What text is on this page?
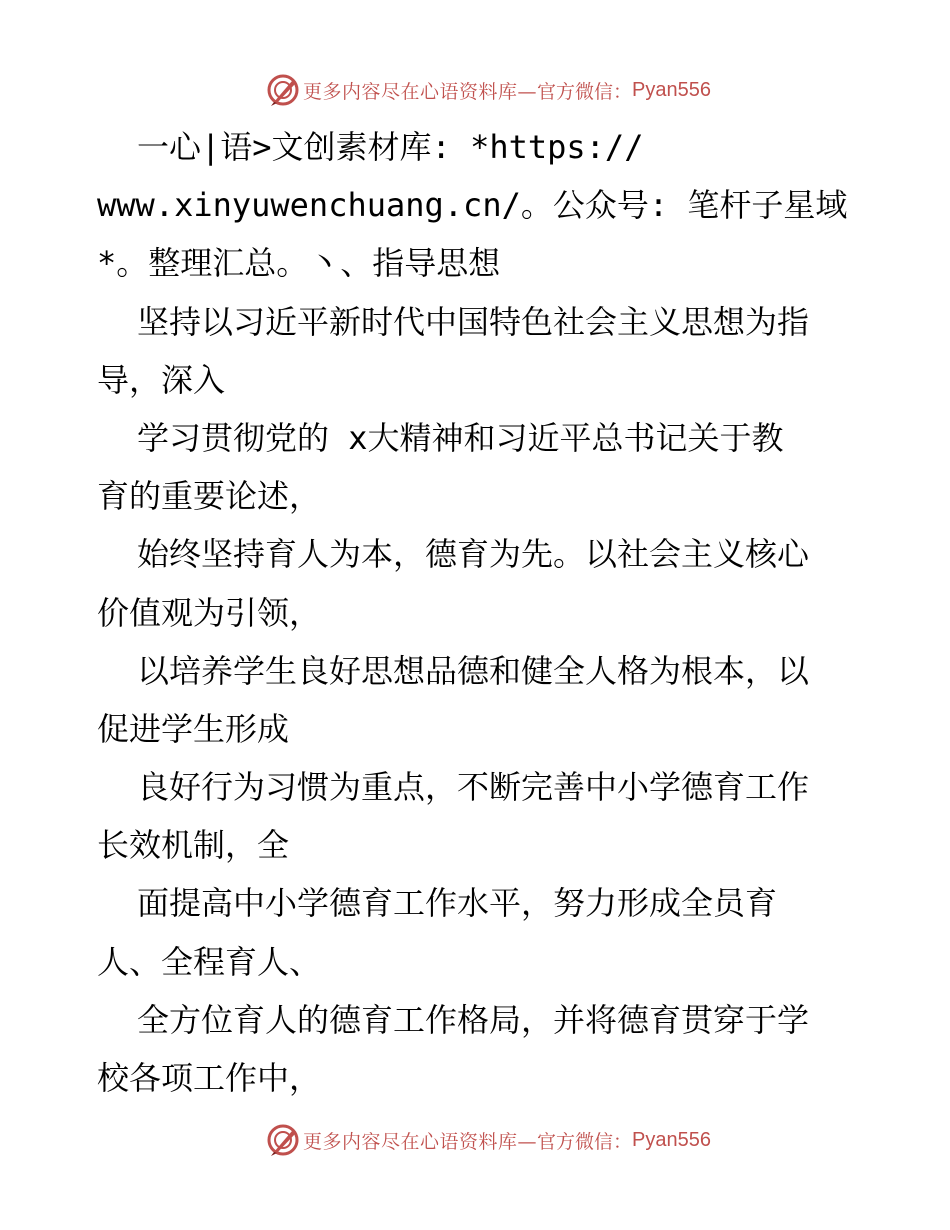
更多内容尽在心语资料库— 官方微信： Pyan556
一心|语>文创素材库: *https://
www.xinyuwenchuang.cn/。公众号: 笔杆子星域
*。整理汇总。丶、指导思想
坚持以习近平新时代中国特色社会主义思想为指
导，深入
学习贯彻党的 x大精神和习近平总书记关于教
育的重要论述，
始终坚持育人为本，德育为先。以社会主义核心
价值观为引领，
以培养学生良好思想品德和健全人格为根本，以
促进学生形成
良好行为习惯为重点，不断完善中小学德育工作
长效机制，全
面提高中小学德育工作水平，努力形成全员育
人、全程育人、
全方位育人的德育工作格局，并将德育贯穿于学
校各项工作中，
更多内容尽在心语资料库— 官方微信： Pyan556
